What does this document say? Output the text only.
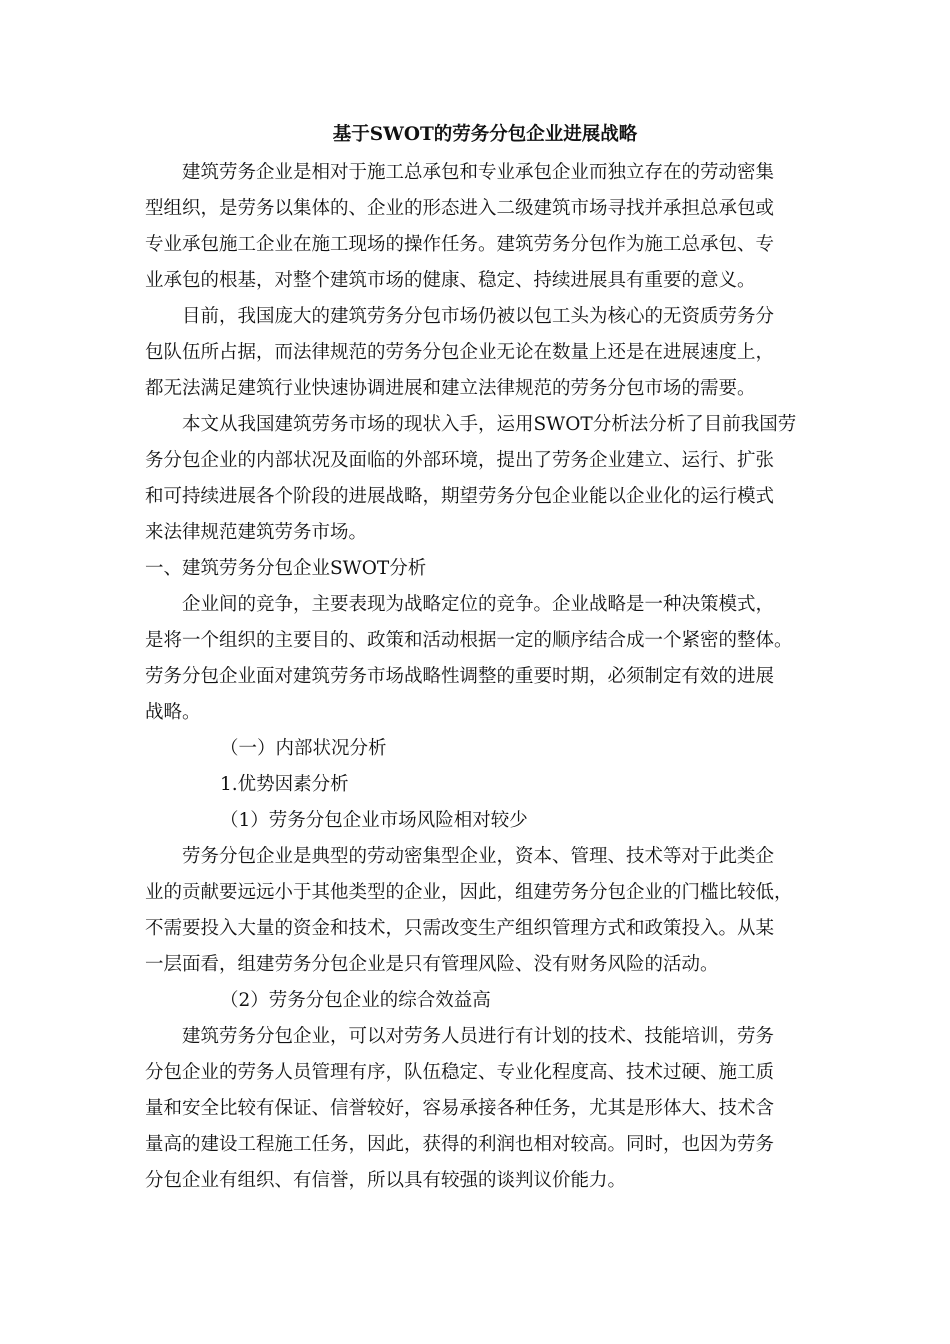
基于SWOT的劳务分包企业进展战略
建筑劳务企业是相对于施工总承包和专业承包企业而独立存在的劳动密集
型组织，是劳务以集体的、企业的形态进入二级建筑市场寻找并承担总承包或
专业承包施工企业在施工现场的操作任务。建筑劳务分包作为施工总承包、专
业承包的根基，对整个建筑市场的健康、稳定、持续进展具有重要的意义。
目前，我国庞大的建筑劳务分包市场仍被以包工头为核心的无资质劳务分
包队伍所占据，而法律规范的劳务分包企业无论在数量上还是在进展速度上，
都无法满足建筑行业快速协调进展和建立法律规范的劳务分包市场的需要。
本文从我国建筑劳务市场的现状入手，运用SWOT分析法分析了目前我国劳
务分包企业的内部状况及面临的外部环境，提出了劳务企业建立、运行、扩张
和可持续进展各个阶段的进展战略，期望劳务分包企业能以企业化的运行模式
来法律规范建筑劳务市场。
一、建筑劳务分包企业SWOT分析
企业间的竞争，主要表现为战略定位的竞争。企业战略是一种决策模式，
是将一个组织的主要目的、政策和活动根据一定的顺序结合成一个紧密的整体。
劳务分包企业面对建筑劳务市场战略性调整的重要时期，必须制定有效的进展
战略。
（一）内部状况分析
1.优势因素分析
（1）劳务分包企业市场风险相对较少
劳务分包企业是典型的劳动密集型企业，资本、管理、技术等对于此类企
业的贡献要远远小于其他类型的企业，因此，组建劳务分包企业的门槛比较低，
不需要投入大量的资金和技术，只需改变生产组织管理方式和政策投入。从某
一层面看，组建劳务分包企业是只有管理风险、没有财务风险的活动。
（2）劳务分包企业的综合效益高
建筑劳务分包企业，可以对劳务人员进行有计划的技术、技能培训，劳务
分包企业的劳务人员管理有序，队伍稳定、专业化程度高、技术过硬、施工质
量和安全比较有保证、信誉较好，容易承接各种任务，尤其是形体大、技术含
量高的建设工程施工任务，因此，获得的利润也相对较高。同时，也因为劳务
分包企业有组织、有信誉，所以具有较强的谈判议价能力。
